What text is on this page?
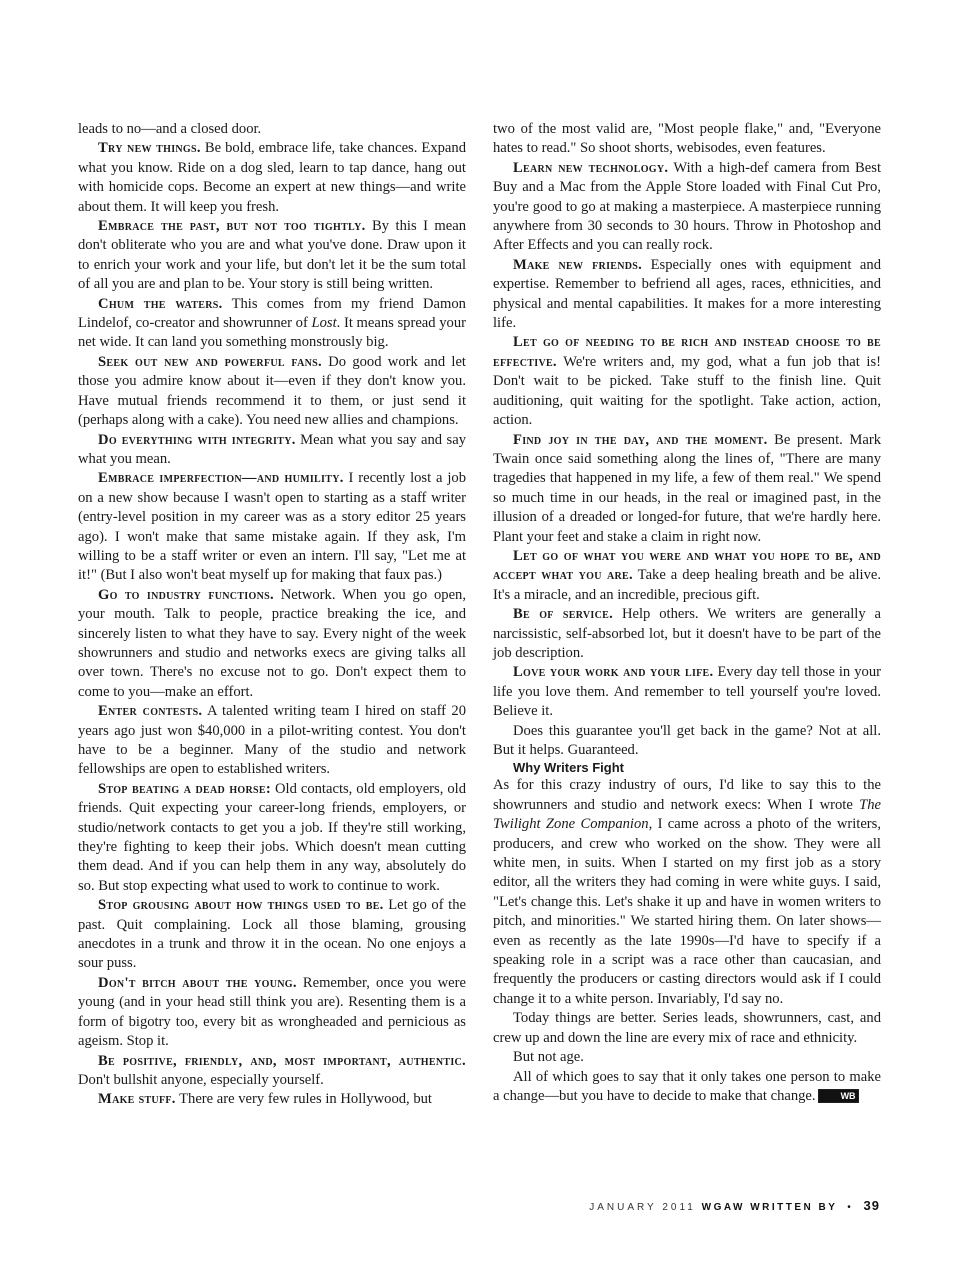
leads to no—and a closed door.

Try new things. Be bold, embrace life, take chances. Expand what you know. Ride on a dog sled, learn to tap dance, hang out with homicide cops. Become an expert at new things—and write about them. It will keep you fresh.

Embrace the past, but not too tightly. By this I mean don't obliterate who you are and what you've done. Draw upon it to enrich your work and your life, but don't let it be the sum total of all you are and plan to be. Your story is still being written.

Chum the waters. This comes from my friend Damon Lindelof, co-creator and showrunner of Lost. It means spread your net wide. It can land you something monstrously big.

Seek out new and powerful fans. Do good work and let those you admire know about it—even if they don't know you. Have mutual friends recommend it to them, or just send it (perhaps along with a cake). You need new allies and champions.

Do everything with integrity. Mean what you say and say what you mean.

Embrace imperfection—and humility. I recently lost a job on a new show because I wasn't open to starting as a staff writer (entry-level position in my career was as a story editor 25 years ago). I won't make that same mistake again. If they ask, I'm willing to be a staff writer or even an intern. I'll say, "Let me at it!" (But I also won't beat myself up for making that faux pas.)

Go to industry functions. Network. When you go open, your mouth. Talk to people, practice breaking the ice, and sincerely listen to what they have to say. Every night of the week showrunners and studio and networks execs are giving talks all over town. There's no excuse not to go. Don't expect them to come to you—make an effort.

Enter contests. A talented writing team I hired on staff 20 years ago just won $40,000 in a pilot-writing contest. You don't have to be a beginner. Many of the studio and network fellowships are open to established writers.

Stop beating a dead horse: Old contacts, old employers, old friends. Quit expecting your career-long friends, employers, or studio/network contacts to get you a job. If they're still working, they're fighting to keep their jobs. Which doesn't mean cutting them dead. And if you can help them in any way, absolutely do so. But stop expecting what used to work to continue to work.

Stop grousing about how things used to be. Let go of the past. Quit complaining. Lock all those blaming, grousing anecdotes in a trunk and throw it in the ocean. No one enjoys a sour puss.

Don't bitch about the young. Remember, once you were young (and in your head still think you are). Resenting them is a form of bigotry too, every bit as wrongheaded and pernicious as ageism. Stop it.

Be positive, friendly, and, most important, authentic. Don't bullshit anyone, especially yourself.

Make stuff. There are very few rules in Hollywood, but

two of the most valid are, "Most people flake," and, "Everyone hates to read." So shoot shorts, webisodes, even features.

Learn new technology. With a high-def camera from Best Buy and a Mac from the Apple Store loaded with Final Cut Pro, you're good to go at making a masterpiece. A masterpiece running anywhere from 30 seconds to 30 hours. Throw in Photoshop and After Effects and you can really rock.

Make new friends. Especially ones with equipment and expertise. Remember to befriend all ages, races, ethnicities, and physical and mental capabilities. It makes for a more interesting life.

Let go of needing to be rich and instead choose to be effective. We're writers and, my god, what a fun job that is! Don't wait to be picked. Take stuff to the finish line. Quit auditioning, quit waiting for the spotlight. Take action, action, action.

Find joy in the day, and the moment. Be present. Mark Twain once said something along the lines of, "There are many tragedies that happened in my life, a few of them real." We spend so much time in our heads, in the real or imagined past, in the illusion of a dreaded or longed-for future, that we're hardly here. Plant your feet and stake a claim in right now.

Let go of what you were and what you hope to be, and accept what you are. Take a deep healing breath and be alive. It's a miracle, and an incredible, precious gift.

Be of service. Help others. We writers are generally a narcissistic, self-absorbed lot, but it doesn't have to be part of the job description.

Love your work and your life. Every day tell those in your life you love them. And remember to tell yourself you're loved. Believe it.

Does this guarantee you'll get back in the game? Not at all. But it helps. Guaranteed.

Why Writers Fight

As for this crazy industry of ours, I'd like to say this to the showrunners and studio and network execs: When I wrote The Twilight Zone Companion, I came across a photo of the writers, producers, and crew who worked on the show. They were all white men, in suits. When I started on my first job as a story editor, all the writers they had coming in were white guys. I said, "Let's change this. Let's shake it up and have in women writers to pitch, and minorities." We started hiring them. On later shows—even as recently as the late 1990s—I'd have to specify if a speaking role in a script was a race other than caucasian, and frequently the producers or casting directors would ask if I could change it to a white person. Invariably, I'd say no.

Today things are better. Series leads, showrunners, cast, and crew up and down the line are every mix of race and ethnicity.

But not age.

All of which goes to say that it only takes one person to make a change—but you have to decide to make that change.	WB

JANUARY 2011 WGAW WRITTEN BY • 39
